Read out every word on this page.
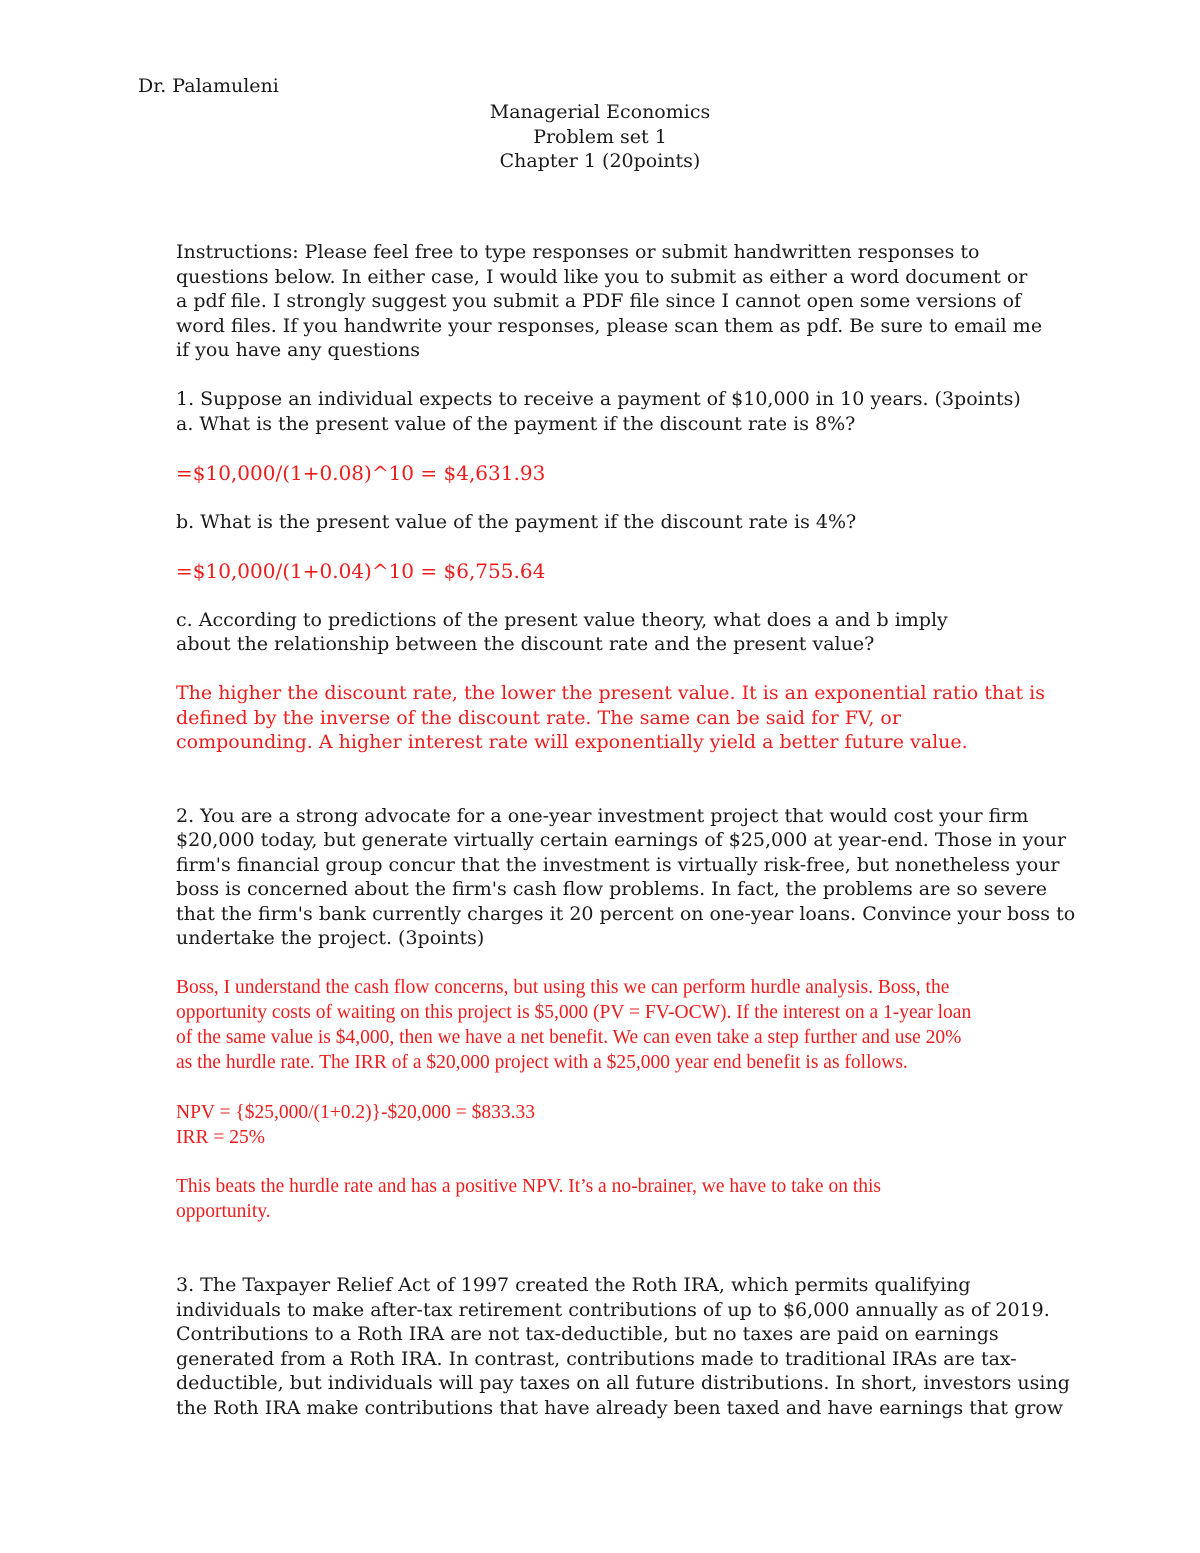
Dr. Palamuleni
Managerial Economics
Problem set 1
Chapter 1 (20points)
Instructions: Please feel free to type responses or submit handwritten responses to
questions below. In either case, I would like you to submit as either a word document or
a pdf file. I strongly suggest you submit a PDF file since I cannot open some versions of
word files. If you handwrite your responses, please scan them as pdf. Be sure to email me
if you have any questions
1. Suppose an individual expects to receive a payment of $10,000 in 10 years. (3points)
a. What is the present value of the payment if the discount rate is 8%?
=$10,000/(1+0.08)^10 = $4,631.93
b. What is the present value of the payment if the discount rate is 4%?
=$10,000/(1+0.04)^10 = $6,755.64
c. According to predictions of the present value theory, what does a and b imply
about the relationship between the discount rate and the present value?
The higher the discount rate, the lower the present value. It is an exponential ratio that is
defined by the inverse of the discount rate. The same can be said for FV, or
compounding. A higher interest rate will exponentially yield a better future value.
2. You are a strong advocate for a one-year investment project that would cost your firm
$20,000 today, but generate virtually certain earnings of $25,000 at year-end. Those in your
firm's financial group concur that the investment is virtually risk-free, but nonetheless your
boss is concerned about the firm's cash flow problems. In fact, the problems are so severe
that the firm's bank currently charges it 20 percent on one-year loans. Convince your boss to
undertake the project. (3points)
Boss, I understand the cash flow concerns, but using this we can perform hurdle analysis. Boss, the
opportunity costs of waiting on this project is $5,000 (PV = FV-OCW). If the interest on a 1-year loan
of the same value is $4,000, then we have a net benefit. We can even take a step further and use 20%
as the hurdle rate. The IRR of a $20,000 project with a $25,000 year end benefit is as follows.
NPV = {$25,000/(1+0.2)}-$20,000 = $833.33
IRR = 25%
This beats the hurdle rate and has a positive NPV. It’s a no-brainer, we have to take on this
opportunity.
3. The Taxpayer Relief Act of 1997 created the Roth IRA, which permits qualifying
individuals to make after-tax retirement contributions of up to $6,000 annually as of 2019.
Contributions to a Roth IRA are not tax-deductible, but no taxes are paid on earnings
generated from a Roth IRA. In contrast, contributions made to traditional IRAs are tax-
deductible, but individuals will pay taxes on all future distributions. In short, investors using
the Roth IRA make contributions that have already been taxed and have earnings that grow
